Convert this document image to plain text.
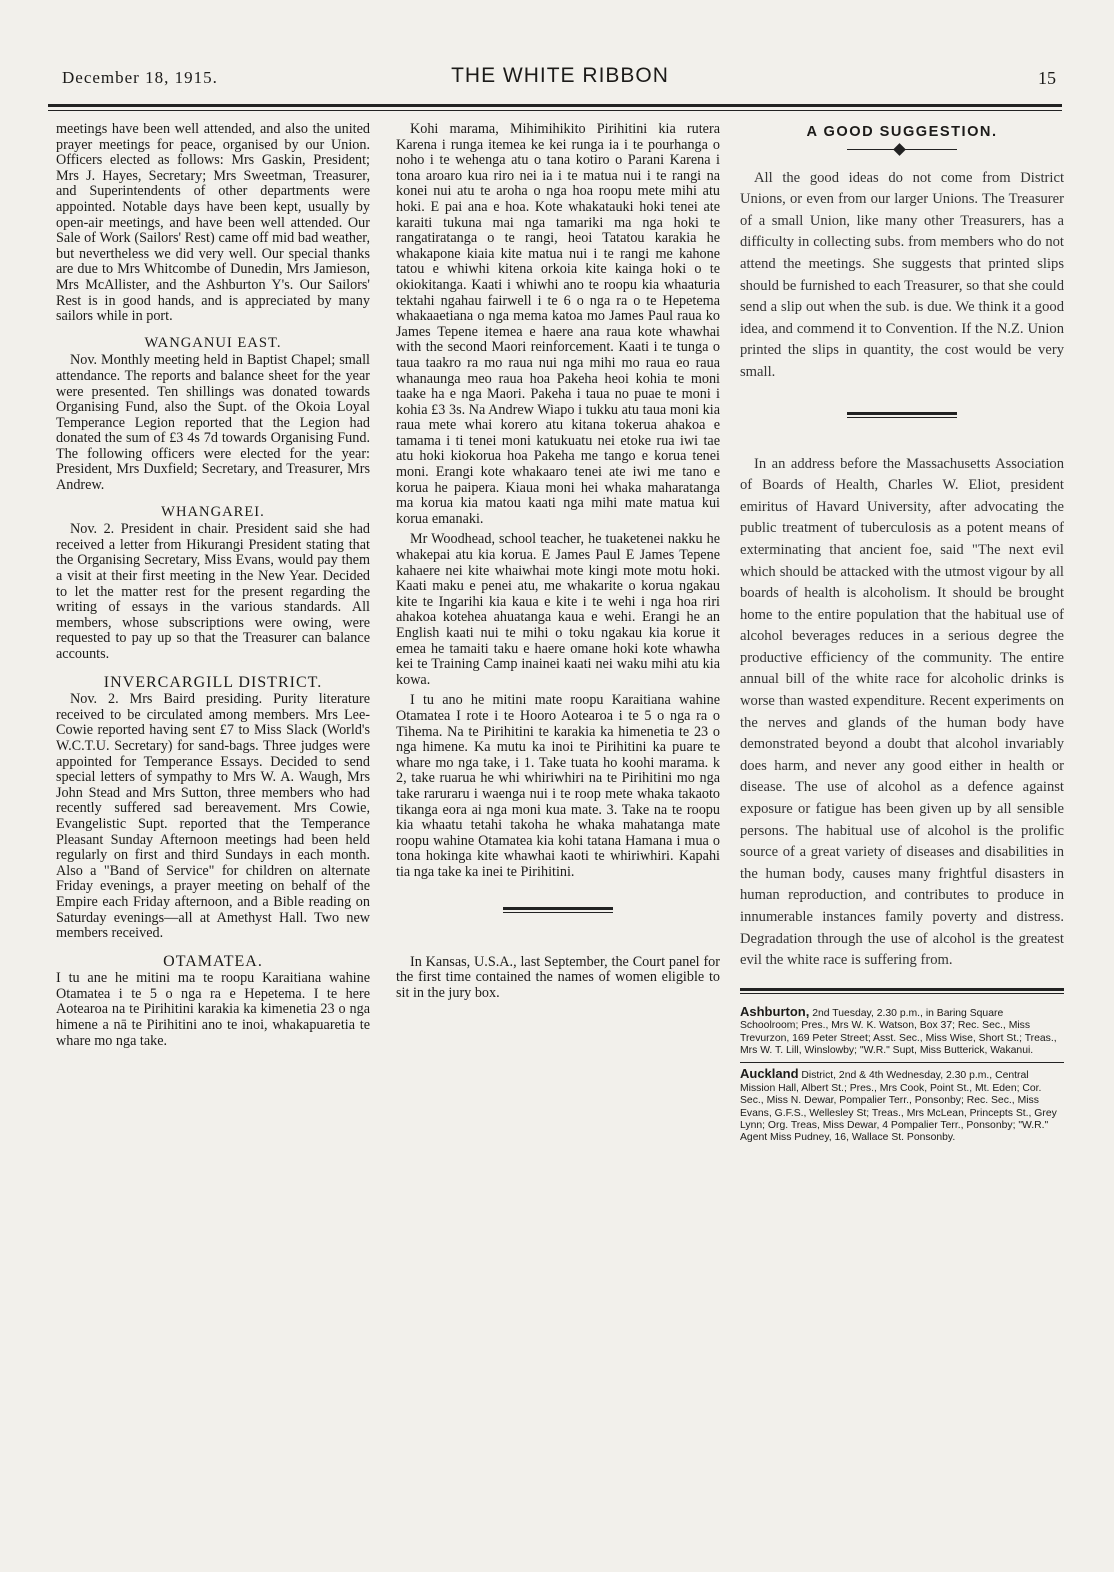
December 18, 1915.	THE WHITE RIBBON	15

meetings have been well attended, and also the united prayer meetings for peace, organised by our Union. Officers elected as follows: Mrs Gaskin, President; Mrs J. Hayes, Secretary; Mrs Sweetman, Treasurer, and Superintendents of other departments were appointed. Notable days have been kept, usually by open-air meetings, and have been well attended. Our Sale of Work (Sailors' Rest) came off mid bad weather, but nevertheless we did very well. Our special thanks are due to Mrs Whitcombe of Dunedin, Mrs Jamieson, Mrs McAllister, and the Ashburton Y's. Our Sailors' Rest is in good hands, and is appreciated by many sailors while in port.

WANGANUI EAST.

Nov. Monthly meeting held in Baptist Chapel; small attendance. The reports and balance sheet for the year were presented. Ten shillings was donated towards Organising Fund, also the Supt. of the Okoia Loyal Temperance Legion reported that the Legion had donated the sum of £3 4s 7d towards Organising Fund. The following officers were elected for the year: President, Mrs Duxfield; Secretary, and Treasurer, Mrs Andrew.

WHANGAREI.

Nov. 2. President in chair. President said she had received a letter from Hikurangi President stating that the Organising Secretary, Miss Evans, would pay them a visit at their first meeting in the New Year. Decided to let the matter rest for the present regarding the writing of essays in the various standards. All members, whose subscriptions were owing, were requested to pay up so that the Treasurer can balance accounts.

INVERCARGILL DISTRICT.

Nov. 2. Mrs Baird presiding. Purity literature received to be circulated among members. Mrs Lee-Cowie reported having sent £7 to Miss Slack (World's W.C.T.U. Secretary) for sand-bags. Three judges were appointed for Temperance Essays. Decided to send special letters of sympathy to Mrs W. A. Waugh, Mrs John Stead and Mrs Sutton, three members who had recently suffered sad bereavement. Mrs Cowie, Evangelistic Supt. reported that the Temperance Pleasant Sunday Afternoon meetings had been held regularly on first and third Sundays in each month. Also a "Band of Service" for children on alternate Friday evenings, a prayer meeting on behalf of the Empire each Friday afternoon, and a Bible reading on Saturday evenings—all at Amethyst Hall. Two new members received.

OTAMATEA.

I tu ane he mitini ma te roopu Karaitiana wahine Otamatea i te 5 o nga ra e Hepetema. I te here Aotearoa na te Pirihitini karakia ka kimenetia 23 o nga himene a nā te Pirihitini ano te inoi, whakapuaretia te whare mo nga take.

Kohi marama, Mihimihikito Pirihitini kia rutera Karena i runga itemea ke kei runga ia i te pourhanga o noho i te wehenga atu o tana kotiro o Parani Karena i tona aroaro kua riro nei ia i te matua nui i te rangi na konei nui atu te aroha o nga hoa roopu mete mihi atu hoki. E pai ana e hoa. Kote whakatauki hoki tenei ate karaiti tukuna mai nga tamariki ma nga hoki te rangatiratanga o te rangi, heoi Tatatou karakia he whakapone kiaia kite matua nui i te rangi me kahone tatou e whiwhi kitena orkoia kite kainga hoki o te okiokitanga. Kaati i whiwhi ano te roopu kia whaaturia tektahi ngahau fairwell i te 6 o nga ra o te Hepetema whakaaetiana o nga mema katoa mo James Paul raua ko James Tepene itemea e haere ana raua kote whawhai with the second Maori reinforcement. Kaati i te tunga o taua taakro ra mo raua nui nga mihi mo raua eo raua whanaunga meo raua hoa Pakeha heoi kohia te moni taake ha e nga Maori. Pakeha i taua no puae te moni i kohia £3 3s. Na Andrew Wiapo i tukku atu taua moni kia raua mete whai korero atu kitana tokerua ahakoa e tamama i ti tenei moni katukuatu nei etoke rua iwi tae atu hoki kiokorua hoa Pakeha me tango e korua tenei moni. Erangi kote whakaaro tenei ate iwi me tano e korua he paipera. Kiaua moni hei whaka maharatanga ma korua kia matou kaati nga mihi mate matua kui korua emanaki.

Mr Woodhead, school teacher, he tuaketenei nakku he whakepai atu kia korua. E James Paul E James Tepene kahaere nei kite whaiwhai mote kingi mote motu hoki. Kaati maku e penei atu, me whakarite o korua ngakau kite te Ingarihi kia kaua e kite i te wehi i nga hoa riri ahakoa kotehea ahuatanga kaua e wehi. Erangi he an English kaati nui te mihi o toku ngakau kia korue it emea he tamaiti taku e haere omane hoki kote whawha kei te Training Camp inainei kaati nei waku mihi atu kia kowa.

I tu ano he mitini mate roopu Karaitiana wahine Otamatea I rote i te Hooro Aotearoa i te 5 o nga ra o Tihema. Na te Pirihitini te karakia ka himenetia te 23 o nga himene. Ka mutu ka inoi te Pirihitini ka puare te whare mo nga take, i 1. Take tuata ho koohi marama. k 2, take ruarua he whi whiriwhiri na te Pirihitini mo nga take raruraru i waenga nui i te roop mete whaka takaoto tikanga eora ai nga moni kua mate. 3. Take na te roopu kia whaatu tetahi takoha he whaka mahatanga mate roopu wahine Otamatea kia kohi tatana Hamana i mua o tona hokinga kite whawhai kaoti te whiriwhiri. Kapahi tia nga take ka inei te Pirihitini.

In Kansas, U.S.A., last September, the Court panel for the first time contained the names of women eligible to sit in the jury box.

A GOOD SUGGESTION.

All the good ideas do not come from District Unions, or even from our larger Unions. The Treasurer of a small Union, like many other Treasurers, has a difficulty in collecting subs. from members who do not attend the meetings. She suggests that printed slips should be furnished to each Treasurer, so that she could send a slip out when the sub. is due. We think it a good idea, and commend it to Convention. If the N.Z. Union printed the slips in quantity, the cost would be very small.

In an address before the Massachusetts Association of Boards of Health, Charles W. Eliot, president emiritus of Havard University, after advocating the public treatment of tuberculosis as a potent means of exterminating that ancient foe, said "The next evil which should be attacked with the utmost vigour by all boards of health is alcoholism. It should be brought home to the entire population that the habitual use of alcohol beverages reduces in a serious degree the productive efficiency of the community. The entire annual bill of the white race for alcoholic drinks is worse than wasted expenditure. Recent experiments on the nerves and glands of the human body have demonstrated beyond a doubt that alcohol invariably does harm, and never any good either in health or disease. The use of alcohol as a defence against exposure or fatigue has been given up by all sensible persons. The habitual use of alcohol is the prolific source of a great variety of diseases and disabilities in the human body, causes many frightful disasters in human reproduction, and contributes to produce in innumerable instances family poverty and distress. Degradation through the use of alcohol is the greatest evil the white race is suffering from.

Ashburton, 2nd Tuesday, 2.30 p.m., in Baring Square Schoolroom; Pres., Mrs W. K. Watson, Box 37; Rec. Sec., Miss Trevurzon, 169 Peter Street; Asst. Sec., Miss Wise, Short St.; Treas., Mrs W. T. Lill, Winslowby; "W.R." Supt, Miss Butterick, Wakanui.
Auckland District, 2nd & 4th Wednesday, 2.30 p.m., Central Mission Hall, Albert St.; Pres., Mrs Cook, Point St., Mt. Eden; Cor. Sec., Miss N. Dewar, Pompalier Terr., Ponsonby; Rec. Sec., Miss Evans, G.F.S., Wellesley St; Treas., Mrs McLean, Princepts St., Grey Lynn; Org. Treas, Miss Dewar, 4 Pompalier Terr., Ponsonby; "W.R." Agent Miss Pudney, 16, Wallace St. Ponsonby.
